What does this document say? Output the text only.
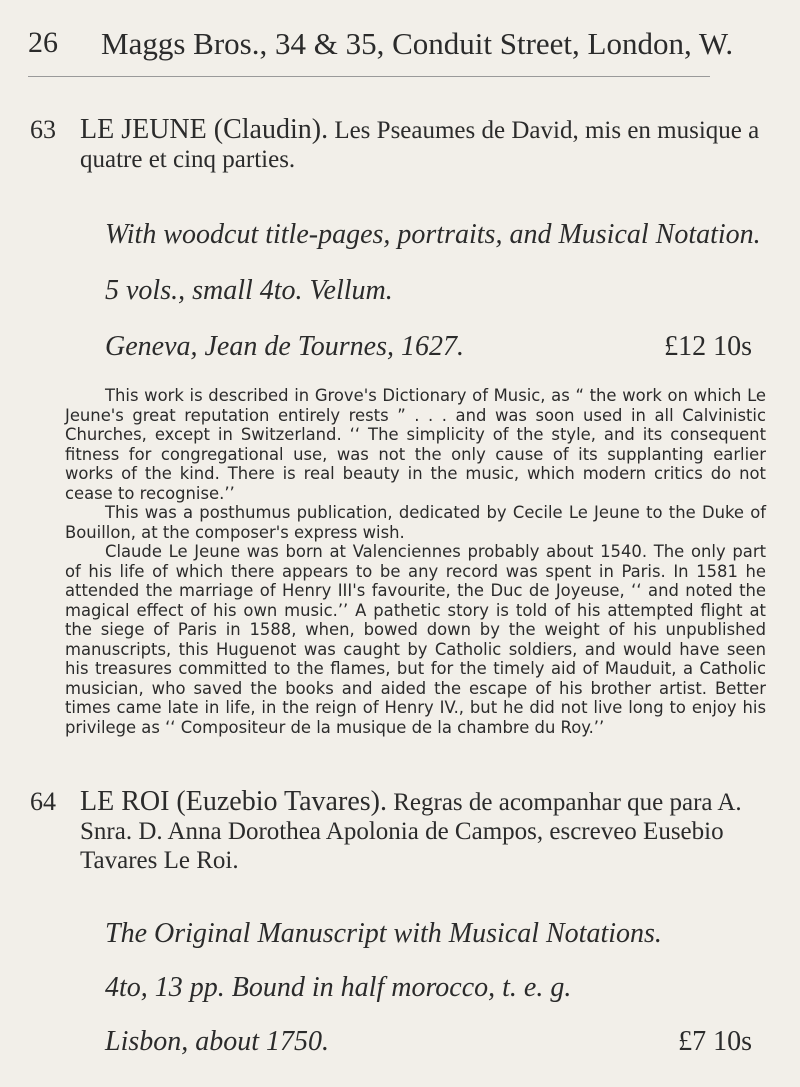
26 Maggs Bros., 34 & 35, Conduit Street, London, W.
63 LE JEUNE (Claudin). Les Pseaumes de David, mis en musique a quatre et cinq parties.
With woodcut title-pages, portraits, and Musical Notation.
5 vols., small 4to. Vellum.
Geneva, Jean de Tournes, 1627.	£12 10s

This work is described in Grove's Dictionary of Music, as “ the work on which Le Jeune's great reputation entirely rests ” . . . and was soon used in all Calvinistic Churches, except in Switzerland. ‘‘ The simplicity of the style, and its consequent fitness for congregational use, was not the only cause of its supplanting earlier works of the kind. There is real beauty in the music, which modern critics do not cease to recognise.’’

This was a posthumus publication, dedicated by Cecile Le Jeune to the Duke of Bouillon, at the composer's express wish.

Claude Le Jeune was born at Valenciennes probably about 1540. The only part of his life of which there appears to be any record was spent in Paris. In 1581 he attended the marriage of Henry III's favourite, the Duc de Joyeuse, ‘‘ and noted the magical effect of his own music.’’ A pathetic story is told of his attempted flight at the siege of Paris in 1588, when, bowed down by the weight of his unpublished manuscripts, this Huguenot was caught by Catholic soldiers, and would have seen his treasures committed to the flames, but for the timely aid of Mauduit, a Catholic musician, who saved the books and aided the escape of his brother artist. Better times came late in life, in the reign of Henry IV., but he did not live long to enjoy his privilege as ‘‘ Compositeur de la musique de la chambre du Roy.’’

64 LE ROI (Euzebio Tavares). Regras de acompanhar que para A. Snra. D. Anna Dorothea Apolonia de Campos, escreveo Eusebio Tavares Le Roi.
The Original Manuscript with Musical Notations.
4to, 13 pp. Bound in half morocco, t. e. g.
Lisbon, about 1750.	£7 10s
